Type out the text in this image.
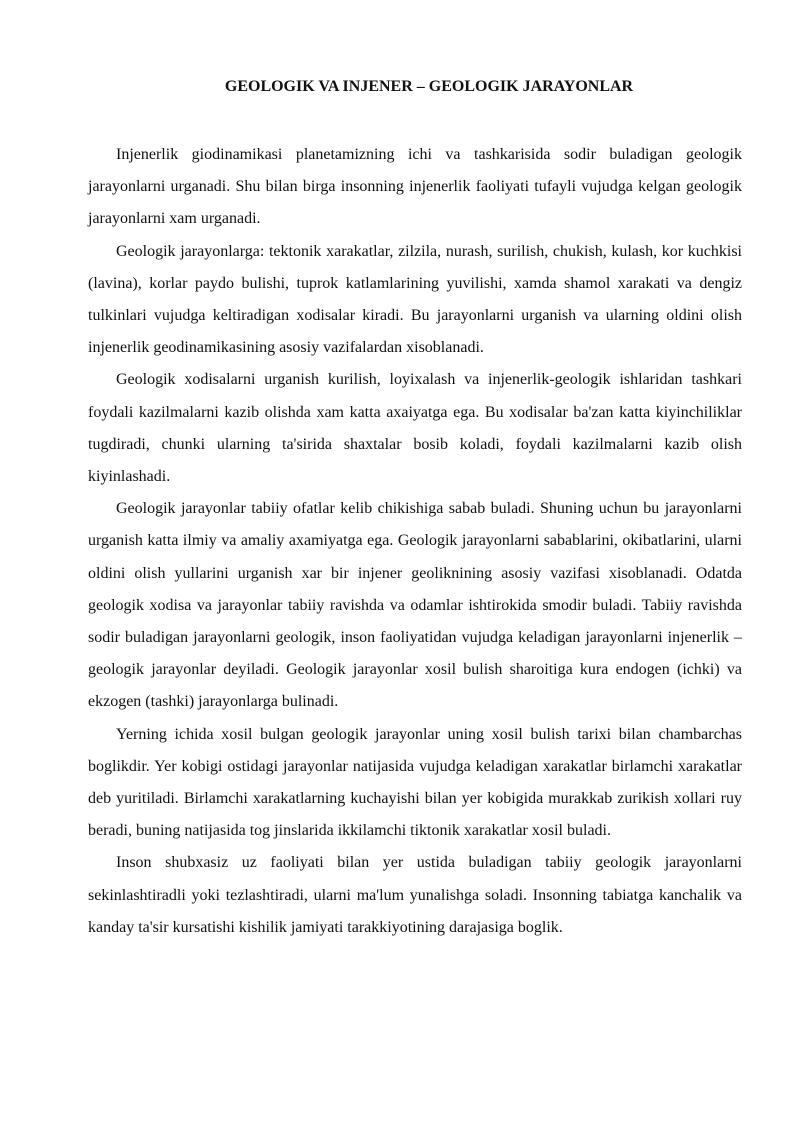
GEOLOGIK VA INJENER – GEOLOGIK JARAYONLAR

Injenerlik giodinamikasi planetamizning ichi va tashkarisida sodir buladigan geologik jarayonlarni urganadi. Shu bilan birga insonning injenerlik faoliyati tufayli vujudga kelgan geologik jarayonlarni xam urganadi.

Geologik jarayonlarga: tektonik xarakatlar, zilzila, nurash, surilish, chukish, kulash, kor kuchkisi (lavina), korlar paydo bulishi, tuprok katlamlarining yuvilishi, xamda shamol xarakati va dengiz tulkinlari vujudga keltiradigan xodisalar kiradi. Bu jarayonlarni urganish va ularning oldini olish injenerlik geodinamikasining asosiy vazifalardan xisoblanadi.

Geologik xodisalarni urganish kurilish, loyixalash va injenerlik-geologik ishlaridan tashkari foydali kazilmalarni kazib olishda xam katta axaiyatga ega. Bu xodisalar ba'zan katta kiyinchiliklar tugdiradi, chunki ularning ta'sirida shaxtalar bosib koladi, foydali kazilmalarni kazib olish kiyinlashadi.

Geologik jarayonlar tabiiy ofatlar kelib chikishiga sabab buladi. Shuning uchun bu jarayonlarni urganish katta ilmiy va amaliy axamiyatga ega. Geologik jarayonlarni sabablarini, okibatlarini, ularni oldini olish yullarini urganish xar bir injener geoliknining asosiy vazifasi xisoblanadi. Odatda geologik xodisa va jarayonlar tabiiy ravishda va odamlar ishtirokida smodir buladi. Tabiiy ravishda sodir buladigan jarayonlarni geologik, inson faoliyatidan vujudga keladigan jarayonlarni injenerlik – geologik jarayonlar deyiladi. Geologik jarayonlar xosil bulish sharoitiga kura endogen (ichki) va ekzogen (tashki) jarayonlarga bulinadi.

Yerning ichida xosil bulgan geologik jarayonlar uning xosil bulish tarixi bilan chambarchas boglikdir. Yer kobigi ostidagi jarayonlar natijasida vujudga keladigan xarakatlar birlamchi xarakatlar deb yuritiladi. Birlamchi xarakatlarning kuchayishi bilan yer kobigida murakkab zurikish xollari ruy beradi, buning natijasida tog jinslarida ikkilamchi tiktonik xarakatlar xosil buladi.

Inson shubxasiz uz faoliyati bilan yer ustida buladigan tabiiy geologik jarayonlarni sekinlashtiradli yoki tezlashtiradi, ularni ma'lum yunalishga soladi. Insonning tabiatga kanchalik va kanday ta'sir kursatishi kishilik jamiyati tarakkiyotining darajasiga boglik.
